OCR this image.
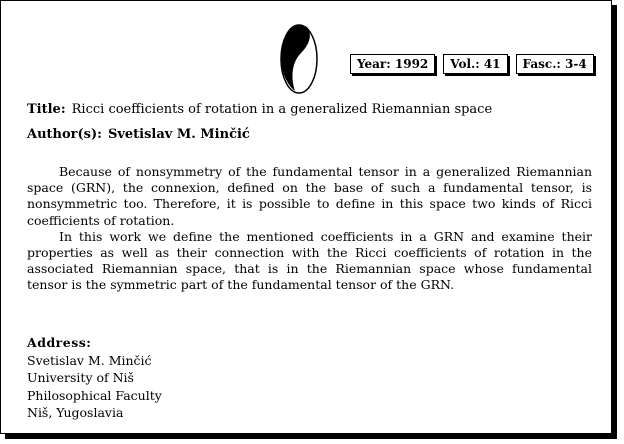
Year: 1992	Vol.: 41	Fasc.: 3-4
Title: Ricci coefficients of rotation in a generalized Riemannian space
Author(s): Svetislav M. Minčić

Because of nonsymmetry of the fundamental tensor in a generalized Riemannian space (GRN), the connexion, defined on the base of such a fundamental tensor, is nonsymmetric too. Therefore, it is possible to define in this space two kinds of Ricci coefficients of rotation.

In this work we define the mentioned coefficients in a GRN and examine their properties as well as their connection with the Ricci coefficients of rotation in the associated Riemannian space, that is in the Riemannian space whose fundamental tensor is the symmetric part of the fundamental tensor of the GRN.

Address:
Svetislav M. Minčić
University of Niš
Philosophical Faculty
Niš, Yugoslavia
